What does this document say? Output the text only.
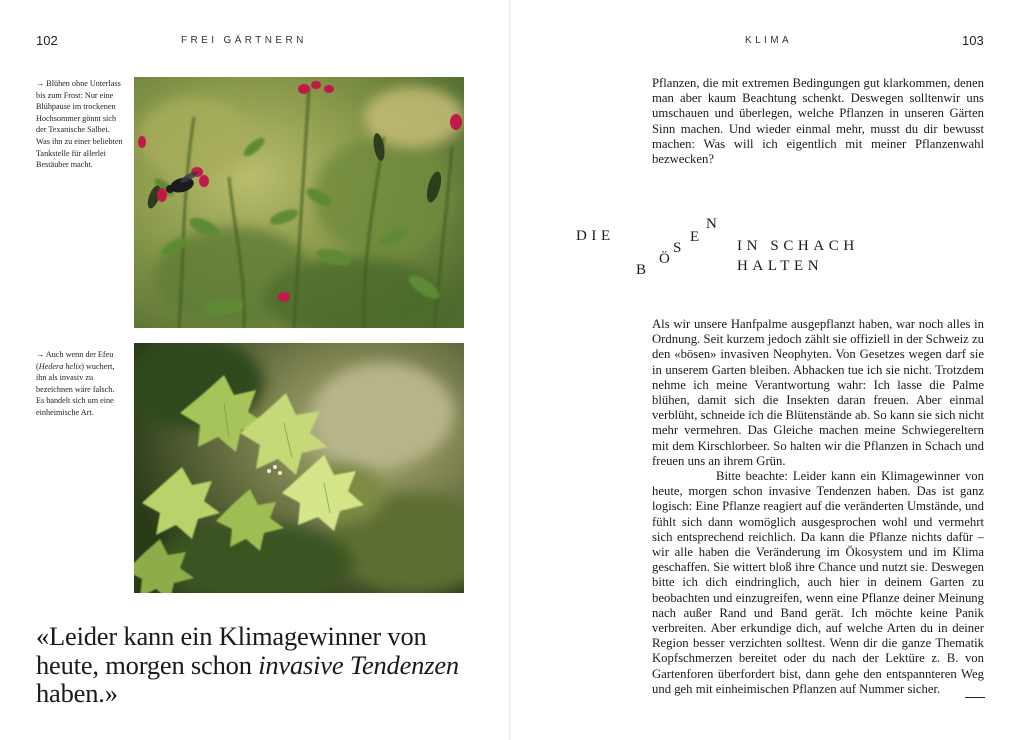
102	FREI GÄRTNERN
→ Blühen ohne Unterlass bis zum Frost: Nur eine Blühpause im trockenen Hochsommer gönnt sich der Texanische Salbei. Was ihn zu einer beliebten Tankstelle für allerlei Bestäuber macht.
→ Auch wenn der Efeu (Hedera helix) wuchert, ihn als invasiv zu bezeichnen wäre falsch. Es handelt sich um eine einheimische Art.
«Leider kann ein Klimagewinner von heute, morgen schon invasive Tendenzen haben.»
KLIMA	103

Pflanzen, die mit extremen Bedingungen gut klarkommen, denen man aber kaum Beachtung schenkt. Deswegen solltenwir uns umschauen und überlegen, welche Pflanzen in unseren Gärten Sinn machen. Und wieder einmal mehr, musst du dir bewusst machen: Was will ich eigentlich mit meiner Pflanzenwahl bezwecken?

DIE
B
Ö
S
E
N
IN SCHACH
HALTEN

Als wir unsere Hanfpalme ausgepflanzt haben, war noch alles in Ordnung. Seit kurzem jedoch zählt sie offiziell in der Schweiz zu den «bösen» invasiven Neophyten. Von Gesetzes wegen darf sie in unserem Garten bleiben. Abhacken tue ich sie nicht. Trotzdem nehme ich meine Verantwortung wahr: Ich lasse die Palme blühen, damit sich die Insekten daran freuen. Aber einmal verblüht, schneide ich die Blütenstände ab. So kann sie sich nicht mehr vermehren. Das Gleiche machen meine Schwiegereltern mit dem Kirschlorbeer. So halten wir die Pflanzen in Schach und freuen uns an ihrem Grün.

Bitte beachte: Leider kann ein Klimagewinner von heute, morgen schon invasive Tendenzen haben. Das ist ganz logisch: Eine Pflanze reagiert auf die veränderten Umstände, und fühlt sich dann womöglich ausgesprochen wohl und vermehrt sich entsprechend reichlich. Da kann die Pflanze nichts dafür – wir alle haben die Veränderung im Ökosystem und im Klima geschaffen. Sie wittert bloß ihre Chance und nutzt sie. Deswegen bitte ich dich eindringlich, auch hier in deinem Garten zu beobachten und einzugreifen, wenn eine Pflanze deiner Meinung nach außer Rand und Band gerät. Ich möchte keine Panik verbreiten. Aber erkundige dich, auf welche Arten du in deiner Region besser verzichten solltest. Wenn dir die ganze Thematik Kopfschmerzen bereitet oder du nach der Lektüre z. B. von Gartenforen überfordert bist, dann gehe den entspannteren Weg und geh mit einheimischen Pflanzen auf Nummer sicher.
